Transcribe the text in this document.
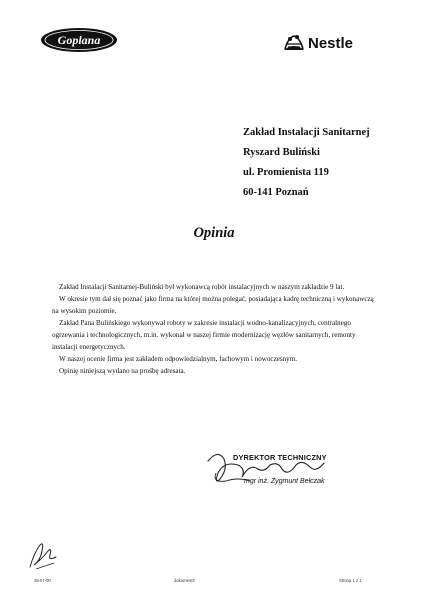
Goplana	Nestle
Zakład Instalacji Sanitarnej
Ryszard Buliński
ul. Promienista 119
60-141 Poznań
Opinia

Zakład Instalacji Sanitarnej-Buliński był wykonawcą robót instalacyjnych w naszym zakładzie 9 lat.

W okresie tym dał się poznać jako firma na której można polegać, posiadająca kadrę techniczną i wykonawczą na wysokim poziomie.

Zakład Pana Bulińskiego wykonywał roboty w zakresie instalacji wodno-kanalizacyjnych, centralnego ogrzewania i technologicznych, m.in. wykonał w naszej firmie modernizację węzłów sanitarnych, remonty instalacji energetycznych.

W naszej ocenie firma jest zakładem odpowiedzialnym, fachowym i nowoczesnym.

Opinię niniejszą wydano na prośbę adresata.

DYREKTOR TECHNICZNY
mgr inż. Zygmunt Bełczak
25-07-00	dokument3	Strona 1 z 1
